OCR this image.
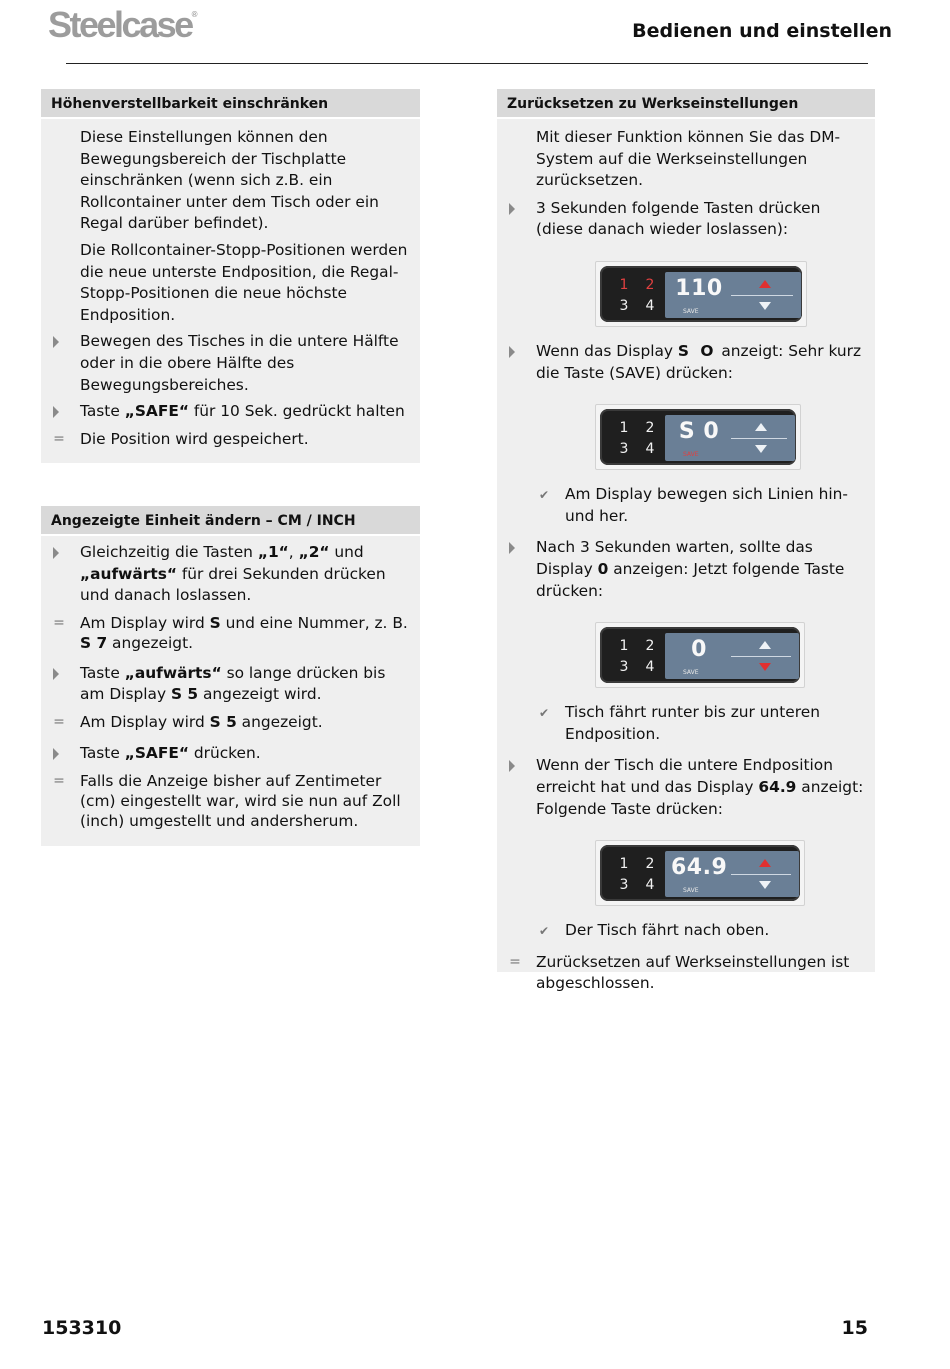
Steelcase®
Bedienen und einstellen
Höhenverstellbarkeit einschränken
Diese Einstellungen können den Bewegungsbereich der Tischplatte einschränken (wenn sich z.B. ein Rollcontainer unter dem Tisch oder ein Regal darüber befindet).
Die Rollcontainer-Stopp-Positionen werden die neue unterste Endposition, die Regal-Stopp-Positionen die neue höchste Endposition.
Bewegen des Tisches in die untere Hälfte oder in die obere Hälfte des Bewegungsbereiches.
Taste „SAFE“ für 10 Sek. gedrückt halten
= Die Position wird gespeichert.
Angezeigte Einheit ändern – CM / INCH
Gleichzeitig die Tasten „1“, „2“ und „aufwärts“ für drei Sekunden drücken und danach loslassen.
= Am Display wird S und eine Nummer, z. B. S 7 angezeigt.
Taste „aufwärts“ so lange drücken bis am Display S 5 angezeigt wird.
= Am Display wird S 5 angezeigt.
Taste „SAFE“ drücken.
= Falls die Anzeige bisher auf Zentimeter (cm) eingestellt war, wird sie nun auf Zoll (inch) umgestellt und andersherum.
Zurücksetzen zu Werkseinstellungen
Mit dieser Funktion können Sie das DM-System auf die Werkseinstellungen zurücksetzen.
3 Sekunden folgende Tasten drücken (diese danach wieder loslassen):
1	2
3	4
110
SAVE
Wenn das Display S O anzeigt: Sehr kurz die Taste (SAVE) drücken:
1	2
3	4
S 0
SAVE
✔	Am Display bewegen sich Linien hin- und her.
Nach 3 Sekunden warten, sollte das Display 0 anzeigen: Jetzt folgende Taste drücken:
1	2
3	4
0
SAVE
✔	Tisch fährt runter bis zur unteren Endposition.
Wenn der Tisch die untere Endposition erreicht hat und das Display 64.9 anzeigt: Folgende Taste drücken:
1	2
3	4
64.9
SAVE
✔	Der Tisch fährt nach oben.
= Zurücksetzen auf Werkseinstellungen ist abgeschlossen.
153310	15
